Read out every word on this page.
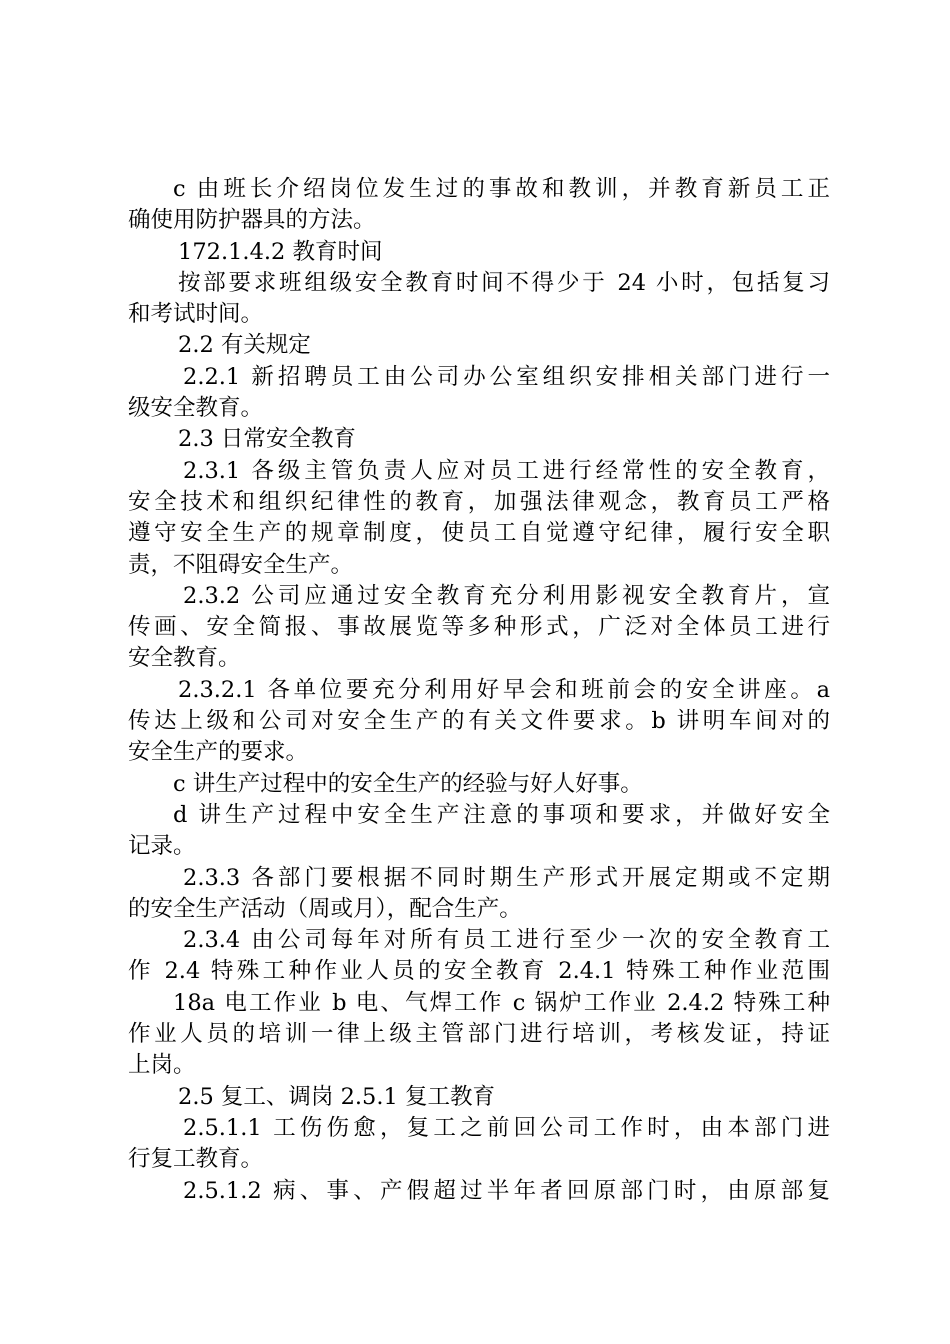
c 由班长介绍岗位发生过的事故和教训，并教育新员工正
确使用防护器具的方法。
172.1.4.2 教育时间
按部要求班组级安全教育时间不得少于 24 小时，包括复习
和考试时间。
2.2 有关规定
2.2.1 新招聘员工由公司办公室组织安排相关部门进行一
级安全教育。
2.3 日常安全教育
2.3.1 各级主管负责人应对员工进行经常性的安全教育，
安全技术和组织纪律性的教育，加强法律观念，教育员工严格
遵守安全生产的规章制度，使员工自觉遵守纪律，履行安全职
责，不阻碍安全生产。
2.3.2 公司应通过安全教育充分利用影视安全教育片，宣
传画、安全简报、事故展览等多种形式，广泛对全体员工进行
安全教育。
2.3.2.1 各单位要充分利用好早会和班前会的安全讲座。a
传达上级和公司对安全生产的有关文件要求。b 讲明车间对的
安全生产的要求。
c 讲生产过程中的安全生产的经验与好人好事。
d 讲生产过程中安全生产注意的事项和要求，并做好安全
记录。
2.3.3 各部门要根据不同时期生产形式开展定期或不定期
的安全生产活动（周或月），配合生产。
2.3.4 由公司每年对所有员工进行至少一次的安全教育工
作 2.4 特殊工种作业人员的安全教育 2.4.1 特殊工种作业范围
18a 电工作业 b 电、气焊工作 c 锅炉工作业 2.4.2 特殊工种
作业人员的培训一律上级主管部门进行培训，考核发证，持证
上岗。
2.5 复工、调岗 2.5.1 复工教育
2.5.1.1 工伤伤愈，复工之前回公司工作时，由本部门进
行复工教育。
2.5.1.2 病、事、产假超过半年者回原部门时，由原部复
